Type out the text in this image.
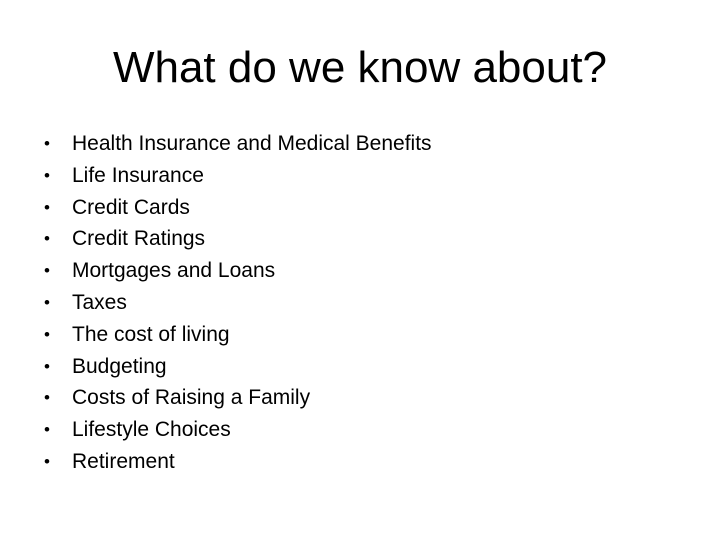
What do we know about?
•	Health Insurance and Medical Benefits
•	Life Insurance
•	Credit Cards
•	Credit Ratings
•	Mortgages and Loans
•	Taxes
•	The cost of living
•	Budgeting
•	Costs of Raising a Family
•	Lifestyle Choices
•	Retirement
